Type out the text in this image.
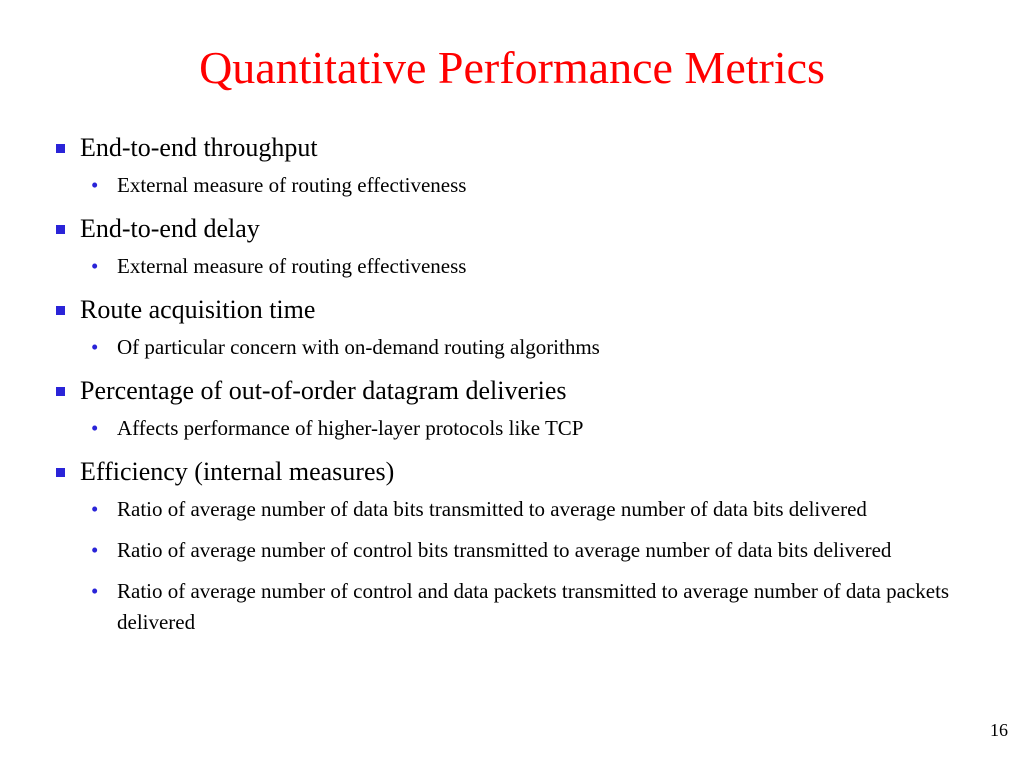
Quantitative Performance Metrics
End-to-end throughput
• External measure of routing effectiveness
End-to-end delay
• External measure of routing effectiveness
Route acquisition time
• Of particular concern with on-demand routing algorithms
Percentage of out-of-order datagram deliveries
• Affects performance of higher-layer protocols like TCP
Efficiency (internal measures)
• Ratio of average number of data bits transmitted to average number of data bits delivered
• Ratio of average number of control bits transmitted to average number of data bits delivered
• Ratio of average number of control and data packets transmitted to average number of data packets delivered
16
